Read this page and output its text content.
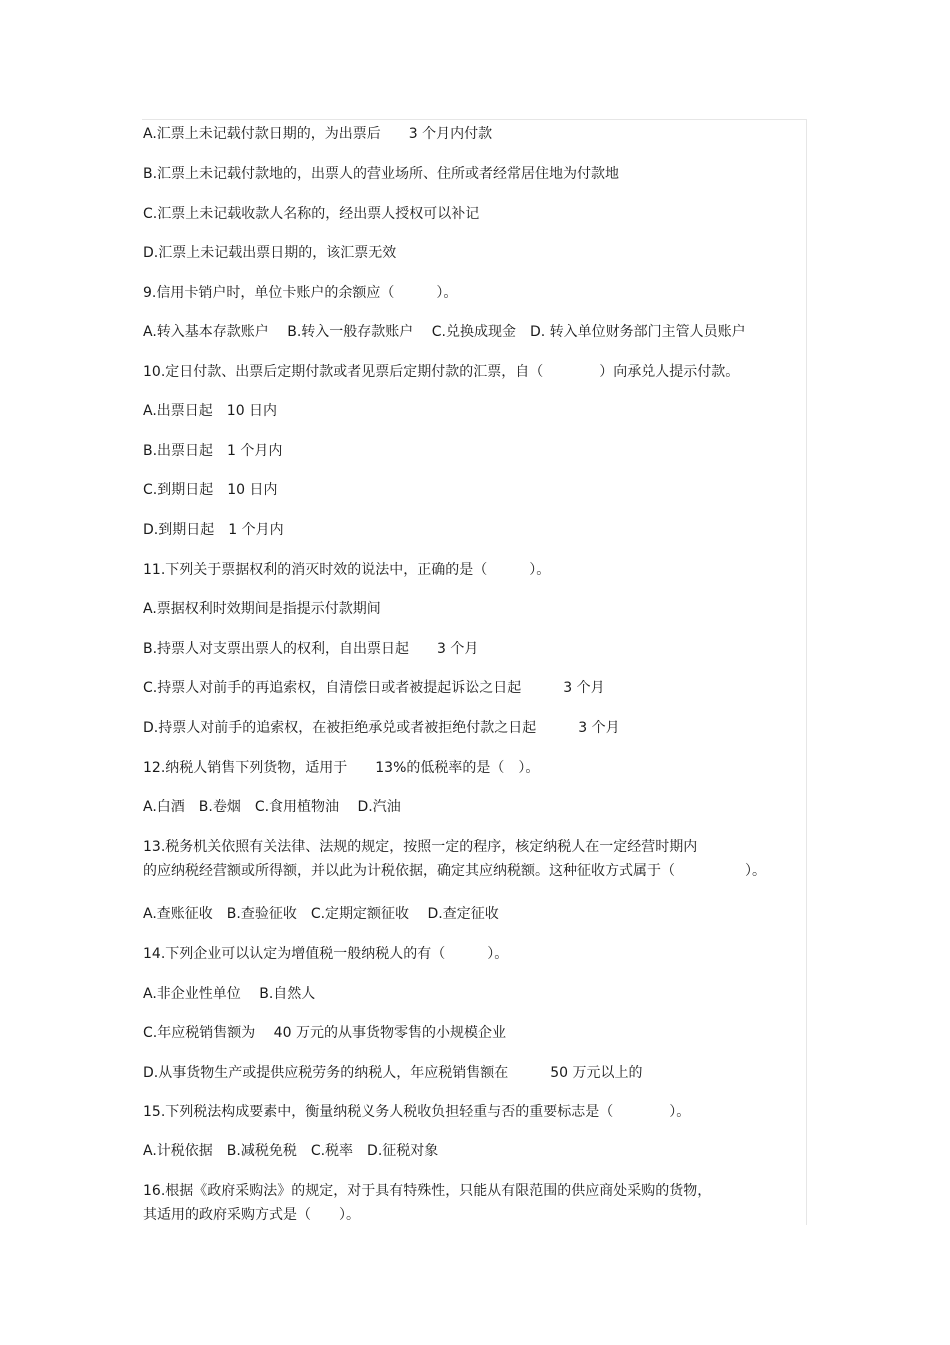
A.汇票上未记载付款日期的，为出票后　　3 个月内付款
B.汇票上未记载付款地的，出票人的营业场所、住所或者经常居住地为付款地
C.汇票上未记载收款人名称的，经出票人授权可以补记
D.汇票上未记载出票日期的，该汇票无效
9.信用卡销户时，单位卡账户的余额应（　　　）。
A.转入基本存款账户　 B.转入一般存款账户　 C.兑换成现金　D. 转入单位财务部门主管人员账户
10.定日付款、出票后定期付款或者见票后定期付款的汇票，自（　　　　）向承兑人提示付款。
A.出票日起　10 日内
B.出票日起　1 个月内
C.到期日起　10 日内
D.到期日起　1 个月内
11.下列关于票据权利的消灭时效的说法中，正确的是（　　　）。
A.票据权利时效期间是指提示付款期间
B.持票人对支票出票人的权利，自出票日起　　3 个月
C.持票人对前手的再追索权，自清偿日或者被提起诉讼之日起　　　3 个月
D.持票人对前手的追索权，在被拒绝承兑或者被拒绝付款之日起　　　3 个月
12.纳税人销售下列货物，适用于　　13%的低税率的是（　）。
A.白酒　B.卷烟　C.食用植物油　 D.汽油
13.税务机关依照有关法律、法规的规定，按照一定的程序，核定纳税人在一定经营时期内
的应纳税经营额或所得额，并以此为计税依据，确定其应纳税额。这种征收方式属于（　　　　　）。
A.查账征收　B.查验征收　C.定期定额征收　 D.查定征收
14.下列企业可以认定为增值税一般纳税人的有（　　　）。
A.非企业性单位　 B.自然人
C.年应税销售额为　 40 万元的从事货物零售的小规模企业
D.从事货物生产或提供应税劳务的纳税人，年应税销售额在　　　50 万元以上的
15.下列税法构成要素中，衡量纳税义务人税收负担轻重与否的重要标志是（　　　　）。
A.计税依据　B.减税免税　C.税率　D.征税对象
16.根据《政府采购法》的规定，对于具有特殊性，只能从有限范围的供应商处采购的货物，
其适用的政府采购方式是（　　）。
